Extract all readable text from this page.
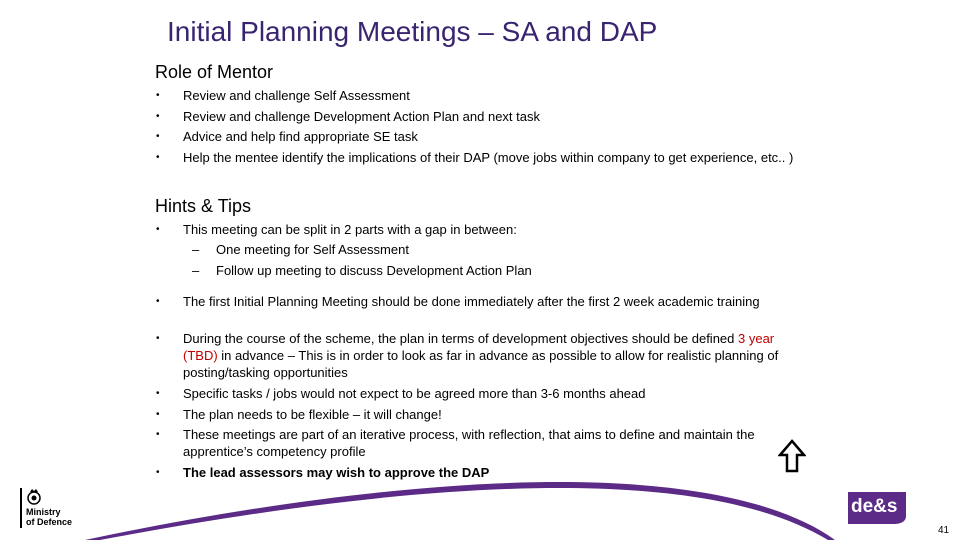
Initial Planning Meetings – SA and DAP
Role of Mentor
• Review and challenge Self Assessment
• Review and challenge Development Action Plan and next task
• Advice and help find appropriate SE task
• Help the mentee identify the implications of their DAP (move jobs within company to get experience, etc.. )
Hints & Tips
• This meeting can be split in 2 parts with a gap in between:
– One meeting for Self Assessment
– Follow up meeting to discuss Development Action Plan
• The first Initial Planning Meeting should be done immediately after the first 2 week academic training
• During the course of the scheme, the plan in terms of development objectives should be defined 3 year (TBD) in advance – This is in order to look as far in advance as possible to allow for realistic planning of posting/tasking opportunities
• Specific tasks / jobs would not expect to be agreed more than 3-6 months ahead
• The plan needs to be flexible – it will change!
• These meetings are part of an iterative process, with reflection, that aims to define and maintain the apprentice’s competency profile
• The lead assessors may wish to approve the DAP
Ministry
of Defence
de&s
41
